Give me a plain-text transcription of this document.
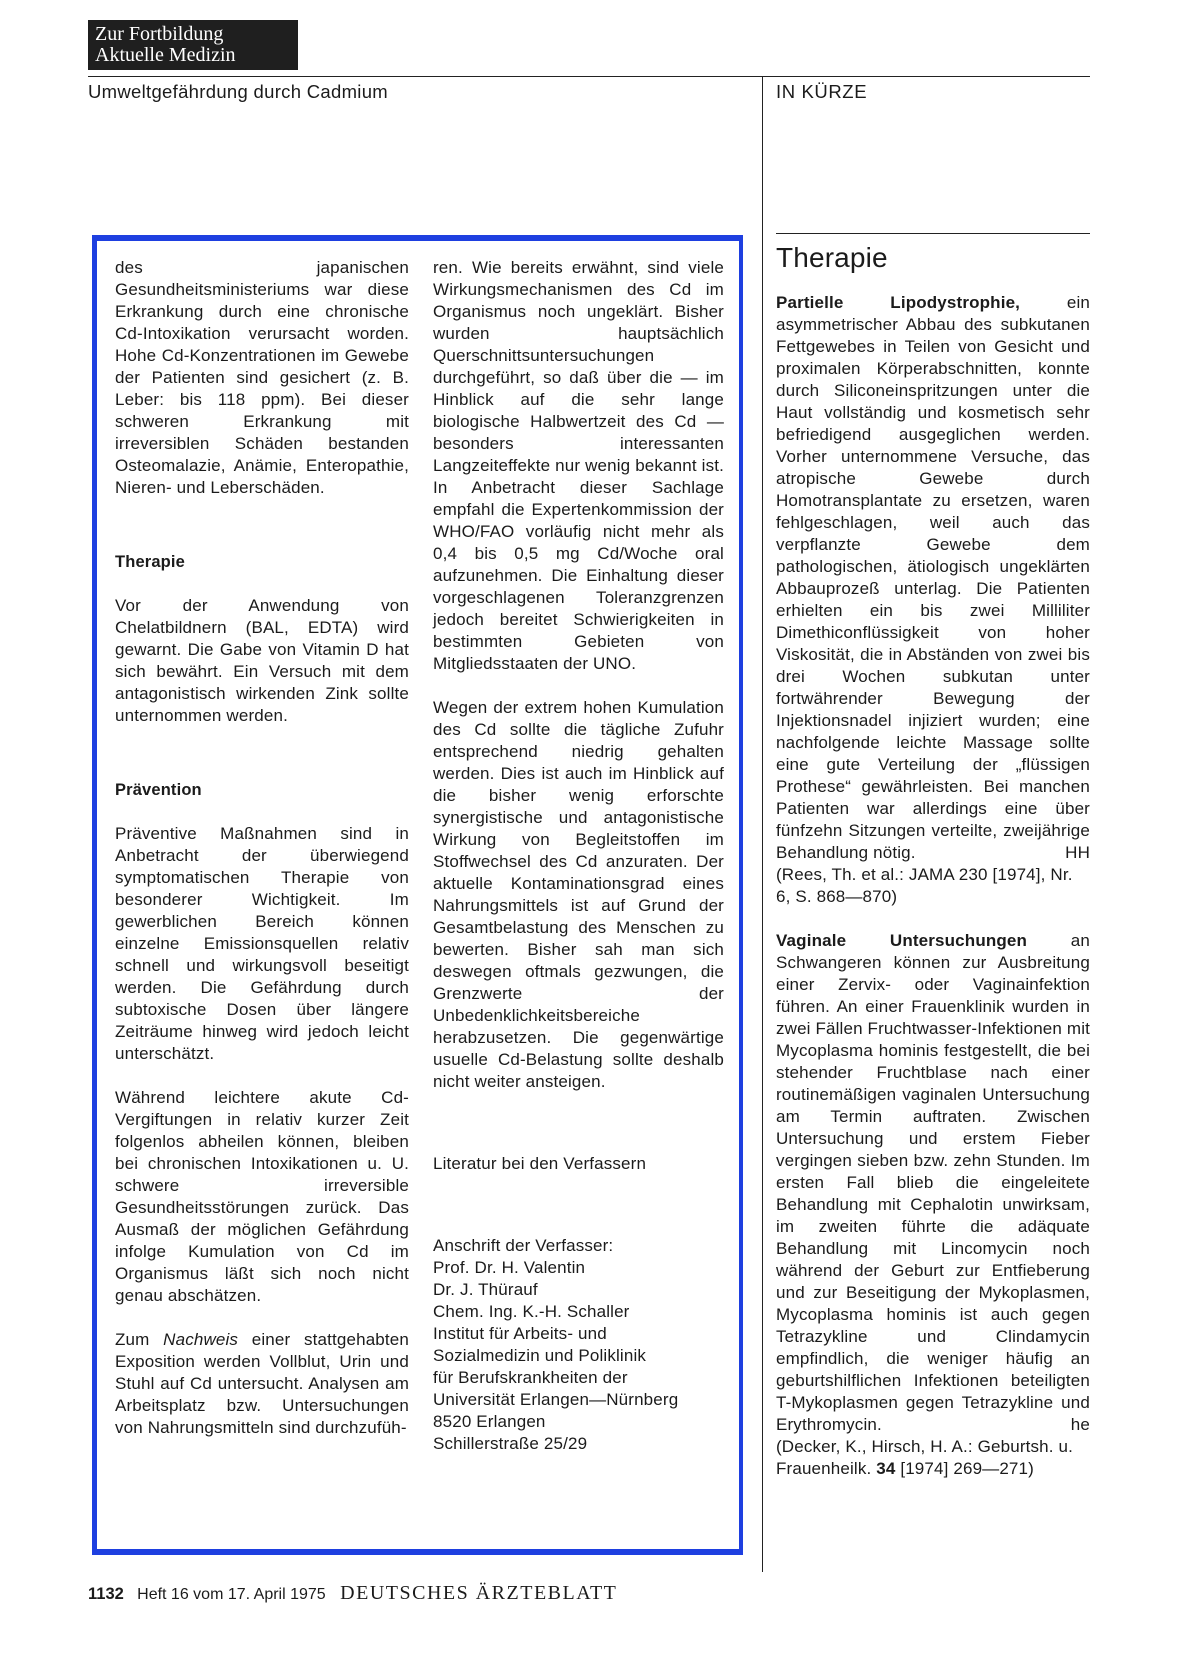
Zur Fortbildung
Aktuelle Medizin
Umweltgefährdung durch Cadmium	IN KÜRZE

des japanischen Gesundheitsministeriums war diese Erkrankung durch eine chronische Cd-Intoxikation verursacht worden. Hohe Cd-Konzentrationen im Gewebe der Patienten sind gesichert (z. B. Leber: bis 118 ppm). Bei dieser schweren Erkrankung mit irreversiblen Schäden bestanden Osteomalazie, Anämie, Enteropathie, Nieren- und Leberschäden.

Therapie

Vor der Anwendung von Chelatbildnern (BAL, EDTA) wird gewarnt. Die Gabe von Vitamin D hat sich bewährt. Ein Versuch mit dem antagonistisch wirkenden Zink sollte unternommen werden.

Prävention

Präventive Maßnahmen sind in Anbetracht der überwiegend symptomatischen Therapie von besonderer Wichtigkeit. Im gewerblichen Bereich können einzelne Emissionsquellen relativ schnell und wirkungsvoll beseitigt werden. Die Gefährdung durch subtoxische Dosen über längere Zeiträume hinweg wird jedoch leicht unterschätzt.

Während leichtere akute Cd-Vergiftungen in relativ kurzer Zeit folgenlos abheilen können, bleiben bei chronischen Intoxikationen u. U. schwere irreversible Gesundheitsstörungen zurück. Das Ausmaß der möglichen Gefährdung infolge Kumulation von Cd im Organismus läßt sich noch nicht genau abschätzen.

Zum Nachweis einer stattgehabten Exposition werden Vollblut, Urin und Stuhl auf Cd untersucht. Analysen am Arbeitsplatz bzw. Untersuchungen von Nahrungsmitteln sind durchzufüh-

ren. Wie bereits erwähnt, sind viele Wirkungsmechanismen des Cd im Organismus noch ungeklärt. Bisher wurden hauptsächlich Querschnittsuntersuchungen durchgeführt, so daß über die — im Hinblick auf die sehr lange biologische Halbwertzeit des Cd — besonders interessanten Langzeiteffekte nur wenig bekannt ist. In Anbetracht dieser Sachlage empfahl die Expertenkommission der WHO/FAO vorläufig nicht mehr als 0,4 bis 0,5 mg Cd/Woche oral aufzunehmen. Die Einhaltung dieser vorgeschlagenen Toleranzgrenzen jedoch bereitet Schwierigkeiten in bestimmten Gebieten von Mitgliedsstaaten der UNO.

Wegen der extrem hohen Kumulation des Cd sollte die tägliche Zufuhr entsprechend niedrig gehalten werden. Dies ist auch im Hinblick auf die bisher wenig erforschte synergistische und antagonistische Wirkung von Begleitstoffen im Stoffwechsel des Cd anzuraten. Der aktuelle Kontaminationsgrad eines Nahrungsmittels ist auf Grund der Gesamtbelastung des Menschen zu bewerten. Bisher sah man sich deswegen oftmals gezwungen, die Grenzwerte der Unbedenklichkeitsbereiche herabzusetzen. Die gegenwärtige usuelle Cd-Belastung sollte deshalb nicht weiter ansteigen.

Literatur bei den Verfassern

Anschrift der Verfasser:
Prof. Dr. H. Valentin
Dr. J. Thürauf
Chem. Ing. K.-H. Schaller
Institut für Arbeits- und
Sozialmedizin und Poliklinik
für Berufskrankheiten der
Universität Erlangen—Nürnberg
8520 Erlangen
Schillerstraße 25/29
Therapie

Partielle Lipodystrophie, ein asymmetrischer Abbau des subkutanen Fettgewebes in Teilen von Gesicht und proximalen Körperabschnitten, konnte durch Siliconeinspritzungen unter die Haut vollständig und kosmetisch sehr befriedigend ausgeglichen werden. Vorher unternommene Versuche, das atropische Gewebe durch Homotransplantate zu ersetzen, waren fehlgeschlagen, weil auch das verpflanzte Gewebe dem pathologischen, ätiologisch ungeklärten Abbauprozeß unterlag. Die Patienten erhielten ein bis zwei Milliliter Dimethiconflüssigkeit von hoher Viskosität, die in Abständen von zwei bis drei Wochen subkutan unter fortwährender Bewegung der Injektionsnadel injiziert wurden; eine nachfolgende leichte Massage sollte eine gute Verteilung der „flüssigen Prothese“ gewährleisten. Bei manchen Patienten war allerdings eine über fünfzehn Sitzungen verteilte, zweijährige Behandlung nötig.	HH

(Rees, Th. et al.: JAMA 230 [1974], Nr. 6, S. 868—870)

Vaginale Untersuchungen an Schwangeren können zur Ausbreitung einer Zervix- oder Vaginainfektion führen. An einer Frauenklinik wurden in zwei Fällen Fruchtwasser-Infektionen mit Mycoplasma hominis festgestellt, die bei stehender Fruchtblase nach einer routinemäßigen vaginalen Untersuchung am Termin auftraten. Zwischen Untersuchung und erstem Fieber vergingen sieben bzw. zehn Stunden. Im ersten Fall blieb die eingeleitete Behandlung mit Cephalotin unwirksam, im zweiten führte die adäquate Behandlung mit Lincomycin noch während der Geburt zur Entfieberung und zur Beseitigung der Mykoplasmen, Mycoplasma hominis ist auch gegen Tetrazykline und Clindamycin empfindlich, die weniger häufig an geburtshilflichen Infektionen beteiligten T-Mykoplasmen gegen Tetrazykline und Erythromycin.	he

(Decker, K., Hirsch, H. A.: Geburtsh. u. Frauenheilk. 34 [1974] 269—271)

1132 Heft 16 vom 17. April 1975 DEUTSCHES ÄRZTEBLATT
